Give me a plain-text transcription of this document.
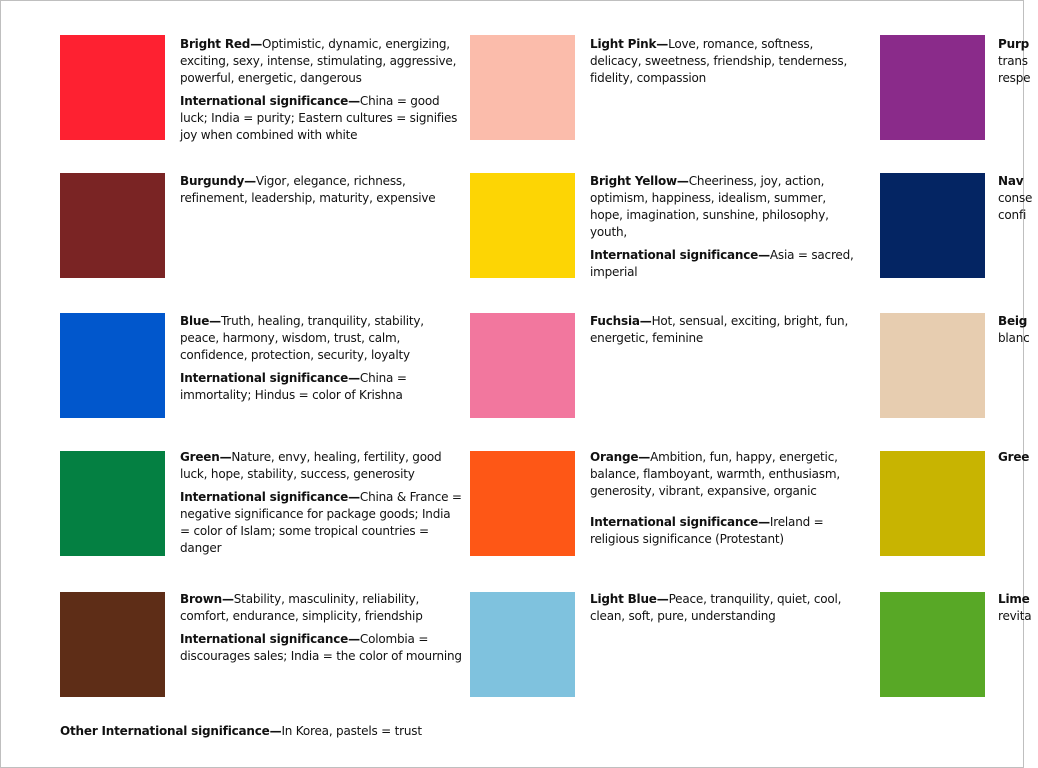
Bright Red—Optimistic, dynamic, energizing, exciting, sexy, intense, stimulating, aggressive, powerful, energetic, dangerous

International significance—China = good luck; India = purity; Eastern cultures = signifies joy when combined with white

Burgundy—Vigor, elegance, richness, refinement, leadership, maturity, expensive

Blue—Truth, healing, tranquility, stability, peace, harmony, wisdom, trust, calm, confidence, protection, security, loyalty

International significance—China = immortality; Hindus = color of Krishna

Green—Nature, envy, healing, fertility, good luck, hope, stability, success, generosity

International significance—China & France = negative significance for package goods; India = color of Islam; some tropical countries = danger

Brown—Stability, masculinity, reliability, comfort, endurance, simplicity, friendship

International significance—Colombia = discourages sales; India = the color of mourning

Light Pink—Love, romance, softness, delicacy, sweetness, friendship, tenderness, fidelity, compassion

Bright Yellow—Cheeriness, joy, action, optimism, happiness, idealism, summer, hope, imagination, sunshine, philosophy, youth,

International significance—Asia = sacred, imperial

Fuchsia—Hot, sensual, exciting, bright, fun, energetic, feminine

Orange—Ambition, fun, happy, energetic, balance, flamboyant, warmth, enthusiasm, generosity, vibrant, expansive, organic

International significance—Ireland = religious significance (Protestant)

Light Blue—Peace, tranquility, quiet, cool, clean, soft, pure, understanding

Purp
trans
respe
Nav
conse
confi
Beig
blanc
Gree
Lime
revita
Other International significance—In Korea, pastels = trust
